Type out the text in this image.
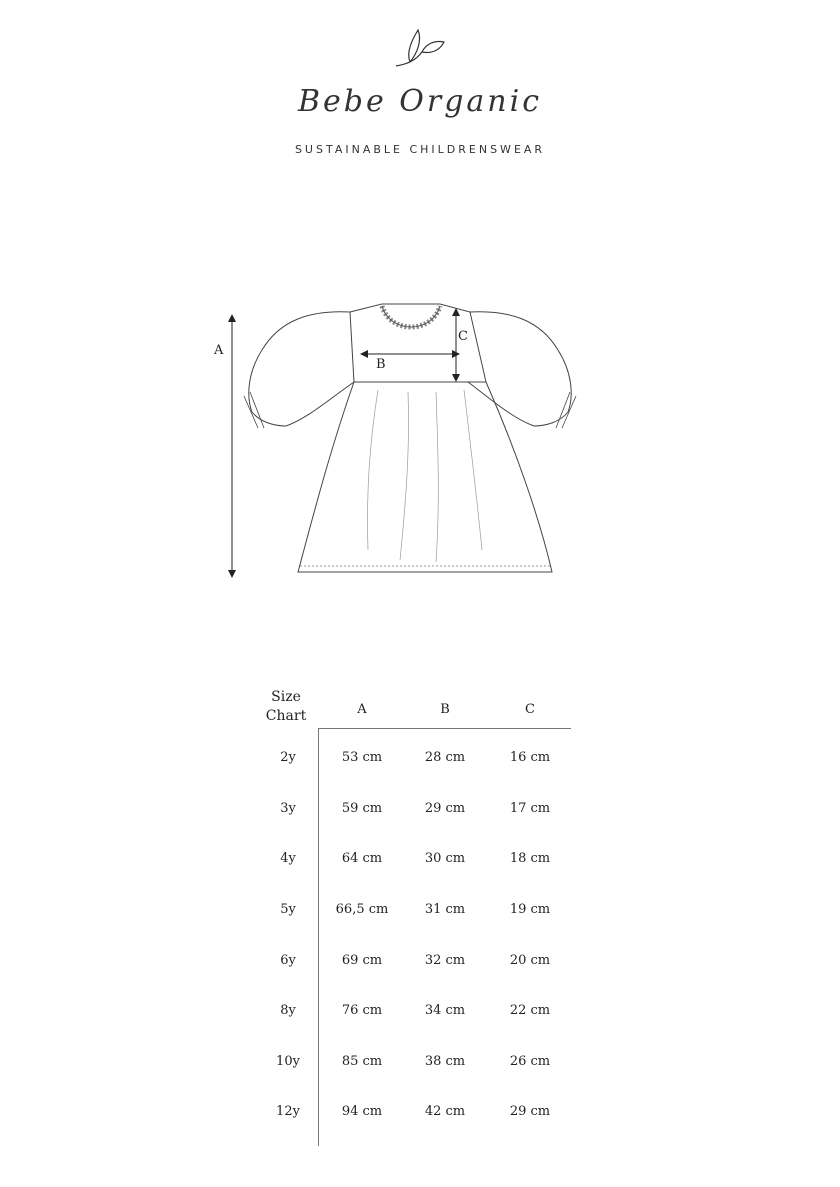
Bebe Organic
SUSTAINABLE CHILDRENSWEAR
A
B
C
Size Chart	A	B	C
2y	53 cm	28 cm	16 cm
3y	59 cm	29 cm	17 cm
4y	64 cm	30 cm	18 cm
5y	66,5 cm	31 cm	19 cm
6y	69 cm	32 cm	20 cm
8y	76 cm	34 cm	22 cm
10y	85 cm	38 cm	26 cm
12y	94 cm	42 cm	29 cm
